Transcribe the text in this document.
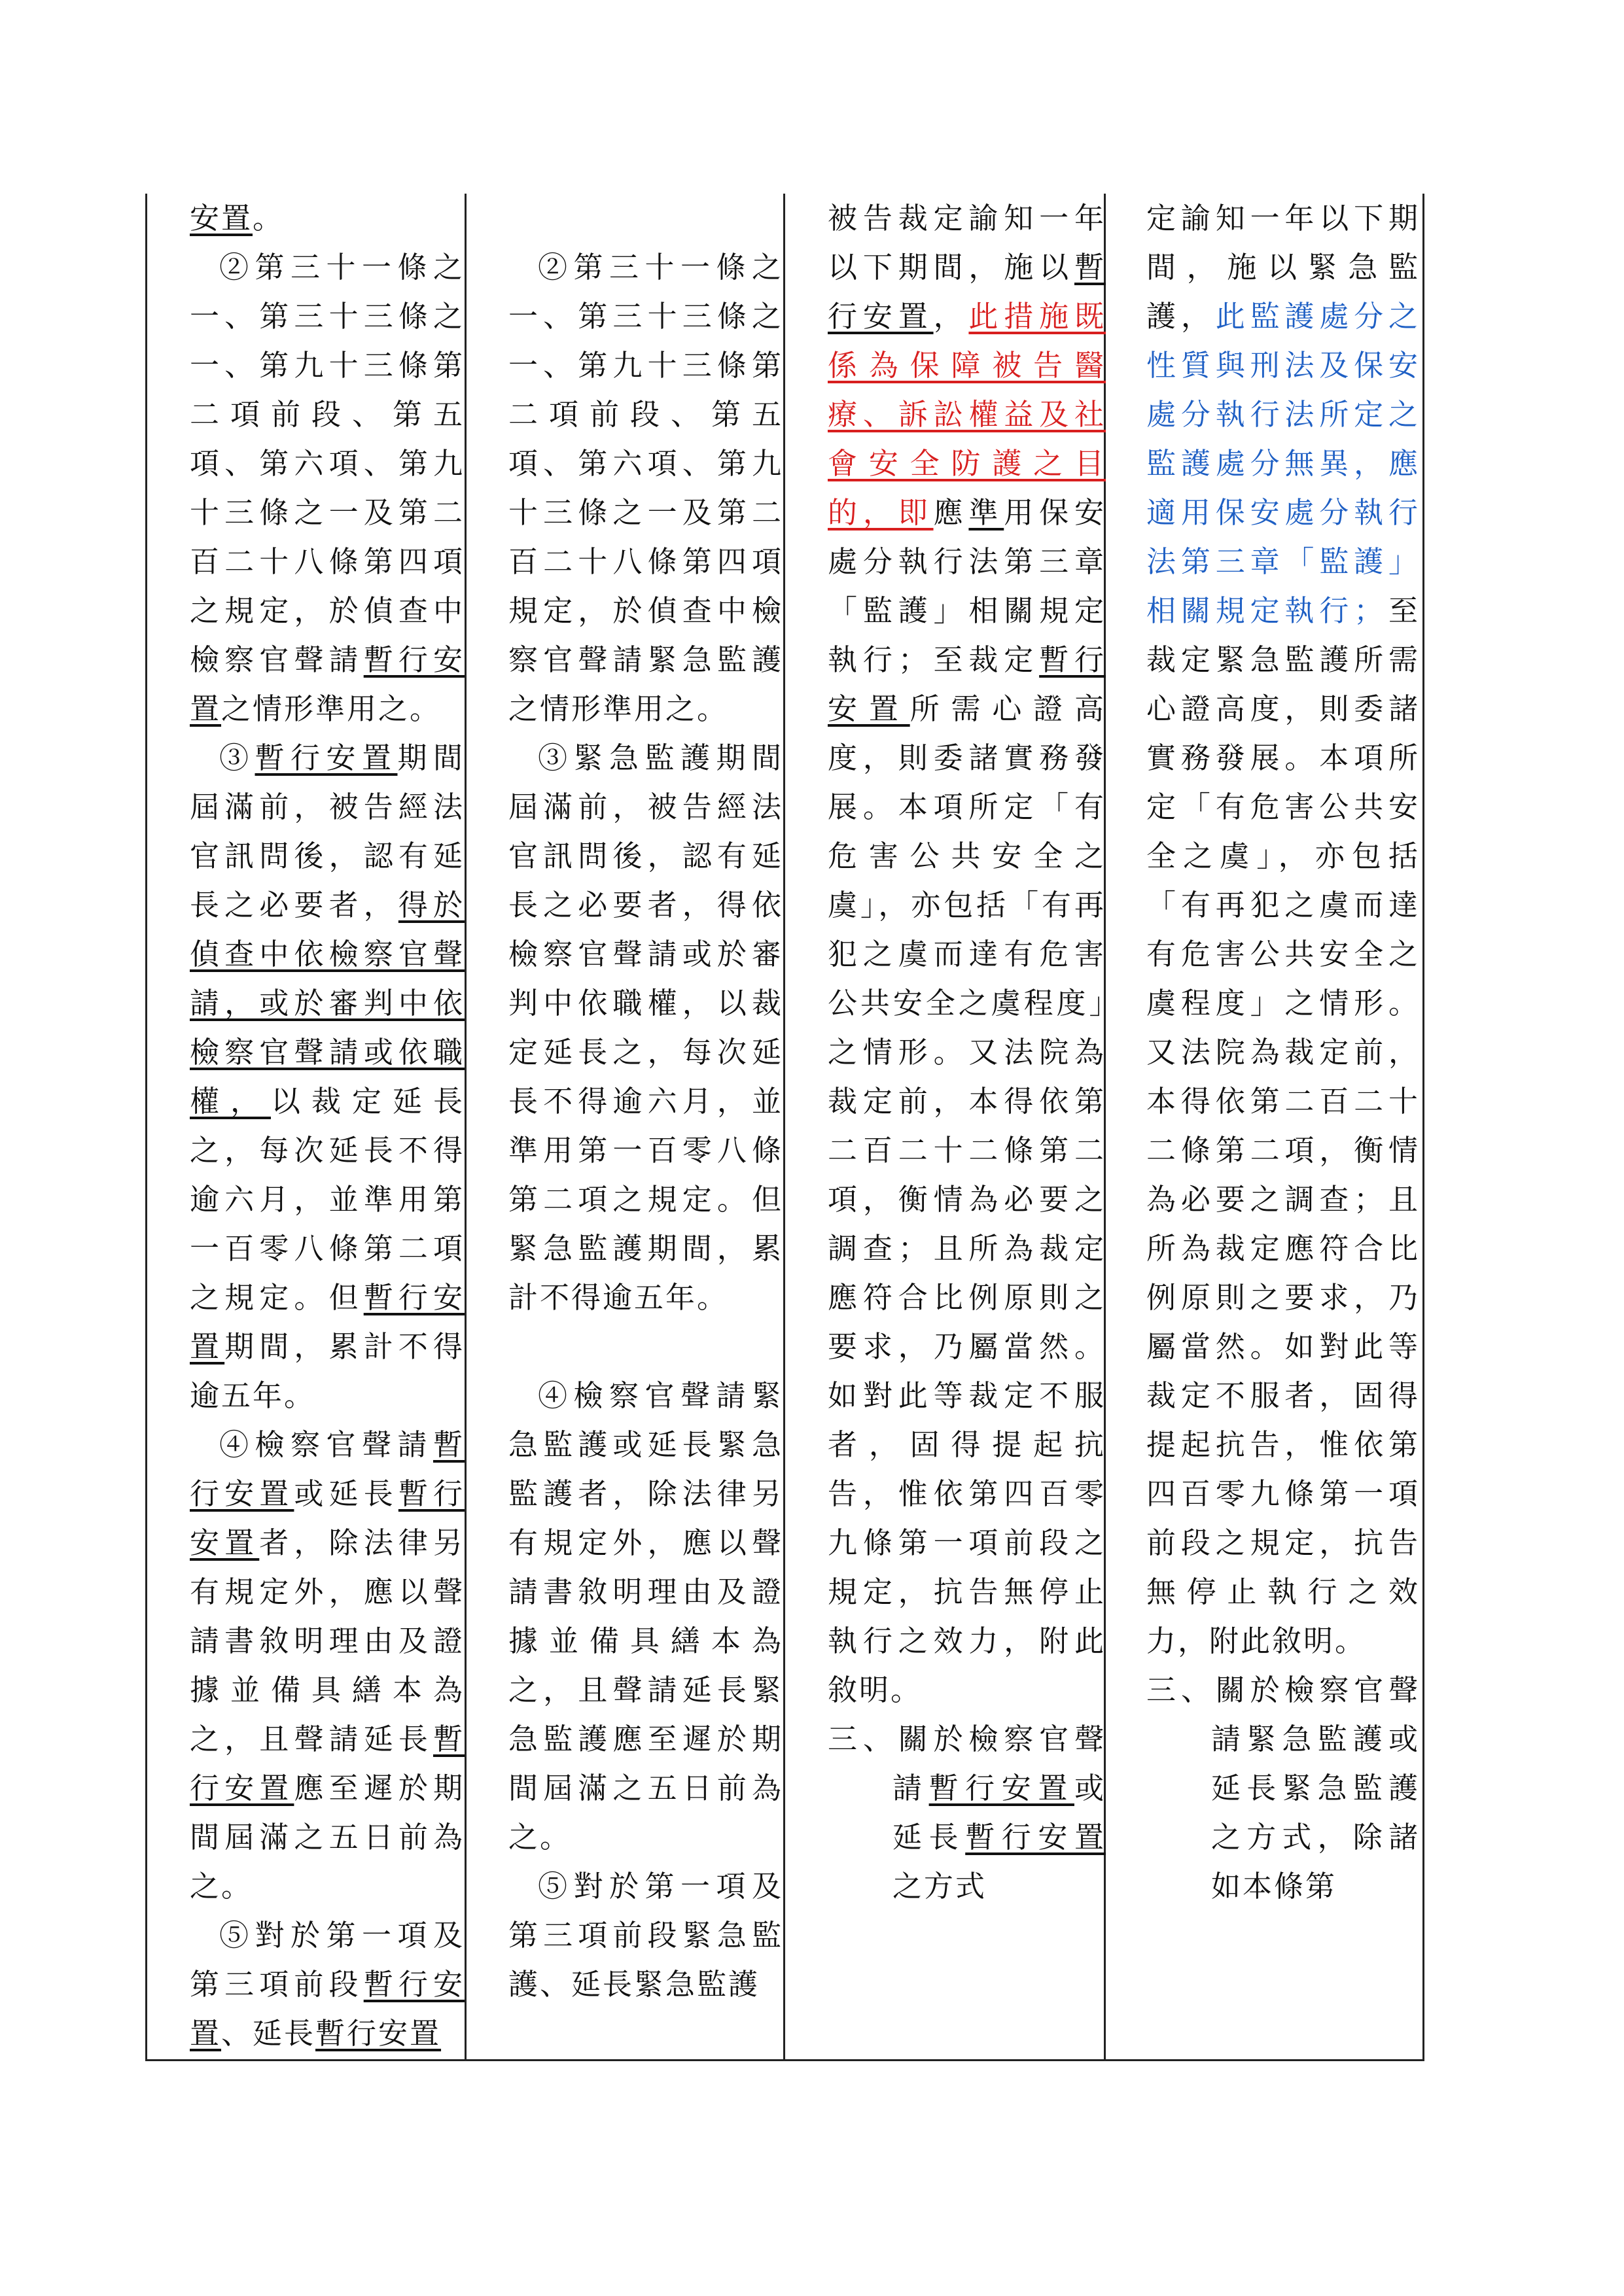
安置。

②第三十一條之一、第三十三條之一、第九十三條第二項前段、第五項、第六項、第九十三條之一及第二百二十八條第四項之規定，於偵查中檢察官聲請暫行安置之情形準用之。

③暫行安置期間屆滿前，被告經法官訊問後，認有延長之必要者，得於偵查中依檢察官聲請，或於審判中依檢察官聲請或依職權，以裁定延長之，每次延長不得逾六月，並準用第一百零八條第二項之規定。但暫行安置期間，累計不得逾五年。

④檢察官聲請暫行安置或延長暫行安置者，除法律另有規定外，應以聲請書敘明理由及證據並備具繕本為之，且聲請延長暫行安置應至遲於期間屆滿之五日前為之。

⑤對於第一項及第三項前段暫行安置、延長暫行安置

②第三十一條之一、第三十三條之一、第九十三條第二項前段、第五項、第六項、第九十三條之一及第二百二十八條第四項規定，於偵查中檢察官聲請緊急監護之情形準用之。

③緊急監護期間屆滿前，被告經法官訊問後，認有延長之必要者，得依檢察官聲請或於審判中依職權，以裁定延長之，每次延長不得逾六月，並準用第一百零八條第二項之規定。但緊急監護期間，累計不得逾五年。

④檢察官聲請緊急監護或延長緊急監護者，除法律另有規定外，應以聲請書敘明理由及證據並備具繕本為之，且聲請延長緊急監護應至遲於期間屆滿之五日前為之。

⑤對於第一項及第三項前段緊急監護、延長緊急監護

被告裁定諭知一年以下期間，施以暫行安置，此措施既係為保障被告醫療、訴訟權益及社會安全防護之目的，即應準用保安處分執行法第三章「監護」相關規定執行；至裁定暫行安置所需心證高度，則委諸實務發展。本項所定「有危害公共安全之虞」，亦包括「有再犯之虞而達有危害公共安全之虞程度」之情形。又法院為裁定前，本得依第二百二十二條第二項，衡情為必要之調查；且所為裁定應符合比例原則之要求，乃屬當然。如對此等裁定不服者，固得提起抗告，惟依第四百零九條第一項前段之規定，抗告無停止執行之效力，附此敘明。

三、關於檢察官聲請暫行安置或延長暫行安置之方式

定諭知一年以下期間，施以緊急監護，此監護處分之性質與刑法及保安處分執行法所定之監護處分無異，應適用保安處分執行法第三章「監護」相關規定執行；至裁定緊急監護所需心證高度，則委諸實務發展。本項所定「有危害公共安全之虞」，亦包括「有再犯之虞而達有危害公共安全之虞程度」之情形。又法院為裁定前，本得依第二百二十二條第二項，衡情為必要之調查；且所為裁定應符合比例原則之要求，乃屬當然。如對此等裁定不服者，固得提起抗告，惟依第四百零九條第一項前段之規定，抗告無停止執行之效力，附此敘明。

三、關於檢察官聲請緊急監護或延長緊急監護之方式，除諸如本條第
